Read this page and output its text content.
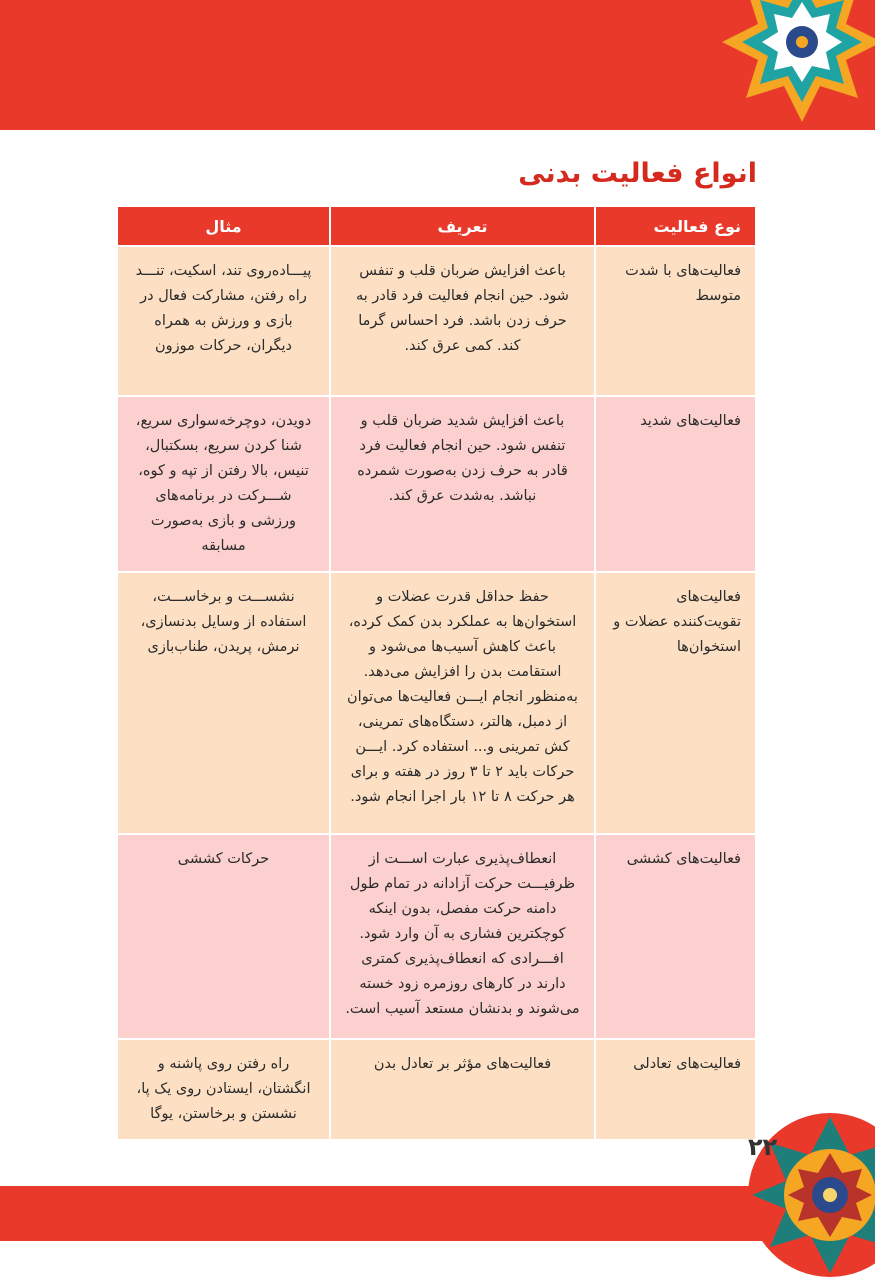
انواع فعالیت بدنی
نوع فعالیت	تعریف	مثال
فعالیت‌های با شدت متوسط	باعث افزایش ضربان قلب و تنفس شود. حین انجام فعالیت فرد قادر به حرف زدن باشد. فرد احساس گرما کند. کمی عرق کند.	پیـــاده‌روی تند، اسکیت، تنـــد راه رفتن، مشارکت فعال در بازی و ورزش به همراه دیگران، حرکات موزون
فعالیت‌های شدید	باعث افزایش شدید ضربان قلب و تنفس شود. حین انجام فعالیت فرد قادر به حرف زدن به‌صورت شمرده نباشد. به‌شدت عرق کند.	دویدن، دوچرخه‌سواری سریع، شنا کردن سریع، بسکتبال، تنیس، بالا رفتن از تپه و کوه، شـــرکت در برنامه‌های ورزشی و بازی به‌صورت مسابقه
فعالیت‌های تقویت‌کننده عضلات و استخوان‌ها	حفظ حداقل قدرت عضلات و استخوان‌ها به عملکرد بدن کمک کرده، باعث کاهش آسیب‌ها می‌شود و استقامت بدن را افزایش می‌دهد. به‌منظور انجام ایـــن فعالیت‌ها می‌توان از دمبل، هالتر، دستگاه‌های تمرینی، کش تمرینی و... استفاده کرد. ایـــن حرکات باید ۲ تا ۳ روز در هفته و برای هر حرکت ۸ تا ۱۲ بار اجرا انجام شود.	نشســـت و برخاســـت، استفاده از وسایل بدنسازی، نرمش، پریدن، طناب‌بازی
فعالیت‌های کششی	انعطاف‌پذیری عبارت اســـت از ظرفیـــت حرکت آزادانه در تمام طول دامنه حرکت مفصل، بدون اینکه کوچکترین فشاری به آن وارد شود. افـــرادی که انعطاف‌پذیری کمتری دارند در کارهای روزمره زود خسته می‌شوند و بدنشان مستعد آسیب است.	حرکات کششی
فعالیت‌های تعادلی	فعالیت‌های مؤثر بر تعادل بدن	راه رفتن روی پاشنه و انگشتان، ایستادن روی یک پا، نشستن و برخاستن، یوگا
۲۲
